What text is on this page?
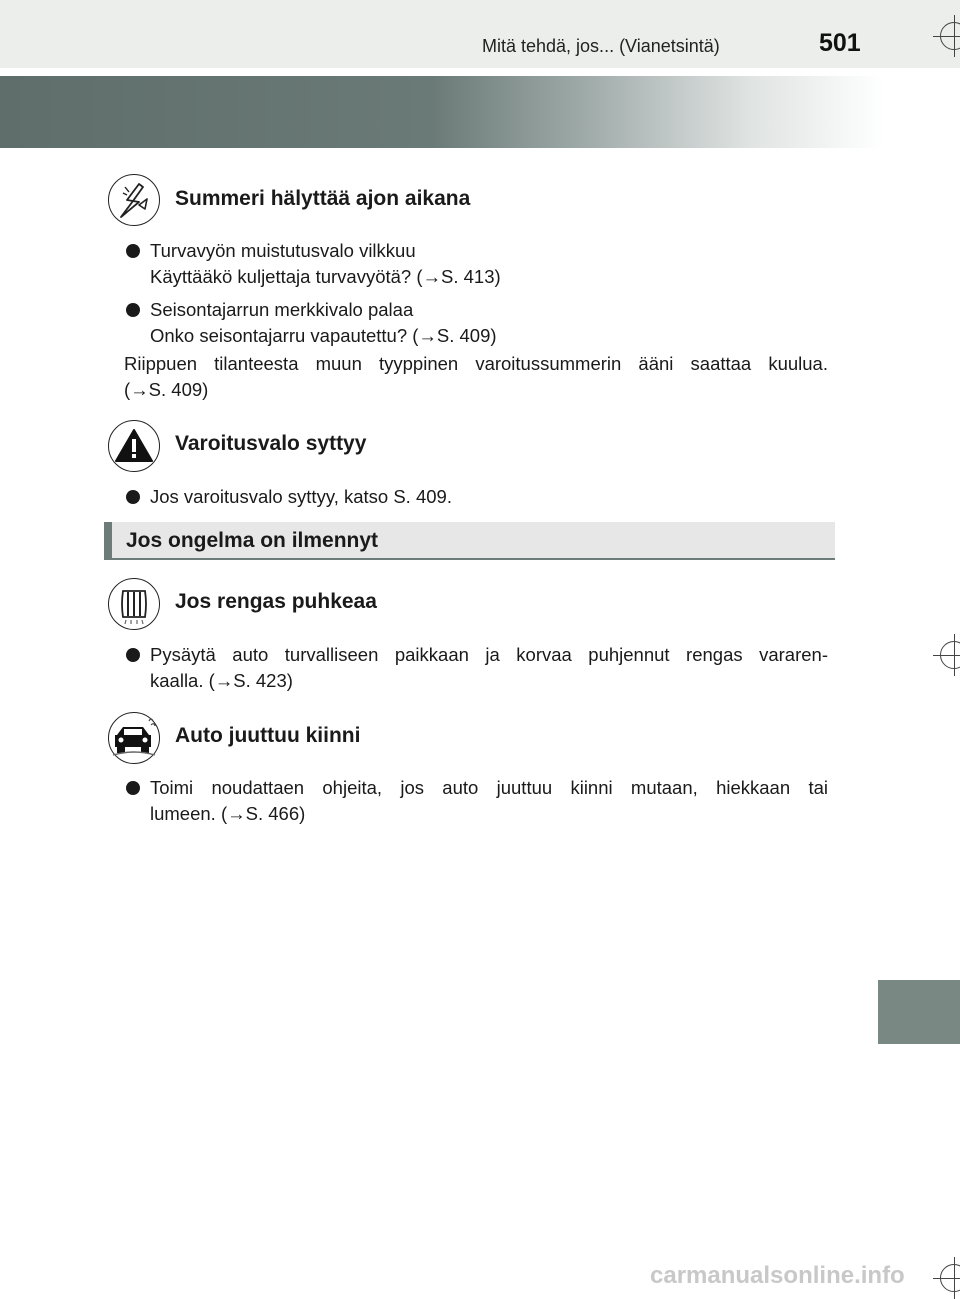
Mitä tehdä, jos... (Vianetsintä)	501
Summeri hälyttää ajon aikana
Turvavyön muistutusvalo vilkkuu
Käyttääkö kuljettaja turvavyötä? (→S. 413)
Seisontajarrun merkkivalo palaa
Onko seisontajarru vapautettu? (→S. 409)
Riippuen tilanteesta muun tyyppinen varoitussummerin ääni saattaa kuulua.
(→S. 409)
Varoitusvalo syttyy
Jos varoitusvalo syttyy, katso S. 409.
Jos ongelma on ilmennyt
Jos rengas puhkeaa
Pysäytä auto turvalliseen paikkaan ja korvaa puhjennut rengas vararen-
kaalla. (→S. 423)
Auto juuttuu kiinni
Toimi noudattaen ohjeita, jos auto juuttuu kiinni mutaan, hiekkaan tai
lumeen. (→S. 466)
carmanualsonline.info
